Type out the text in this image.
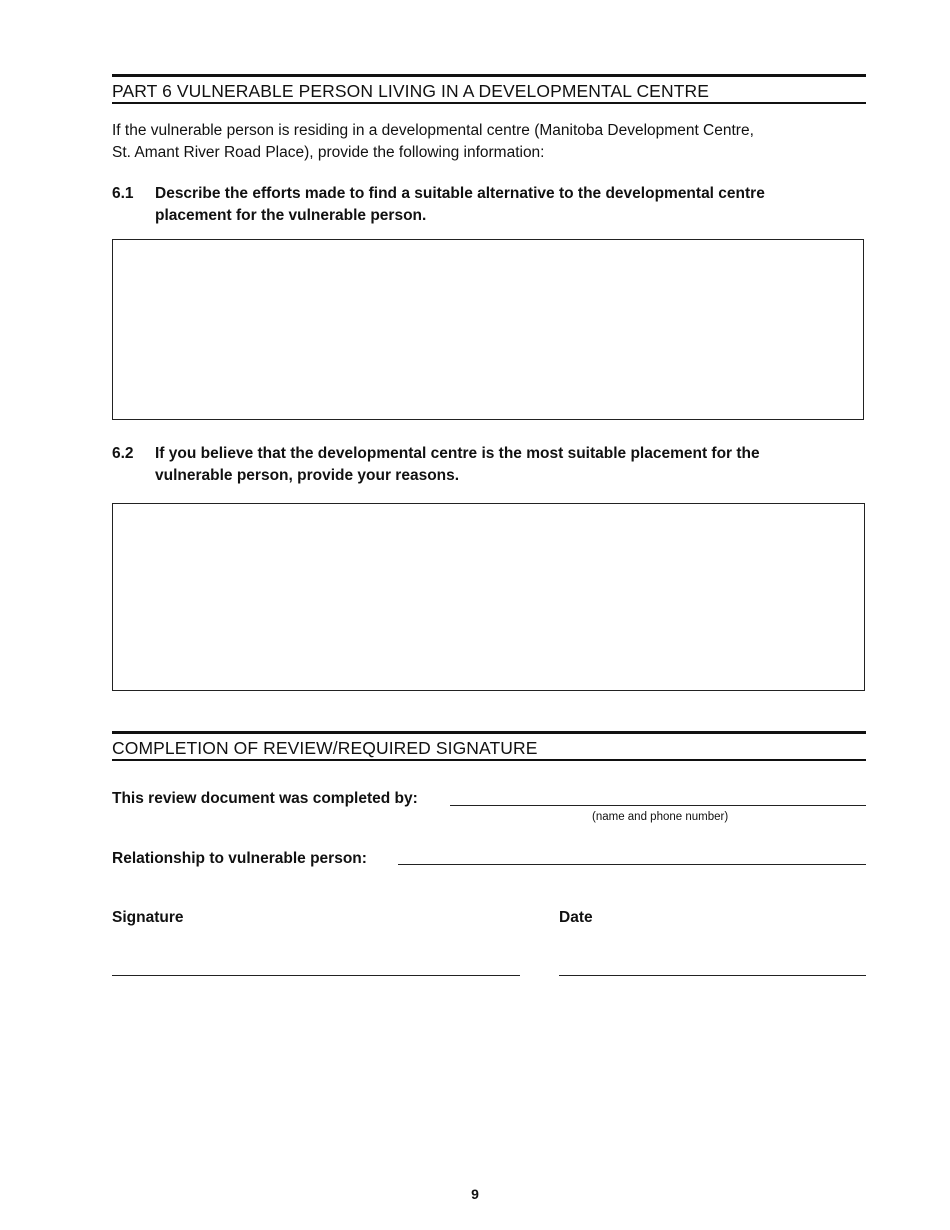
PART 6 VULNERABLE PERSON LIVING IN A DEVELOPMENTAL CENTRE
If the vulnerable person is residing in a developmental centre (Manitoba Development Centre,
St. Amant River Road Place), provide the following information:
6.1 Describe the efforts made to find a suitable alternative to the developmental centre
placement for the vulnerable person.
6.2 If you believe that the developmental centre is the most suitable placement for the
vulnerable person, provide your reasons.
COMPLETION OF REVIEW/REQUIRED SIGNATURE
This review document was completed by:
(name and phone number)
Relationship to vulnerable person:
Signature	Date
9
